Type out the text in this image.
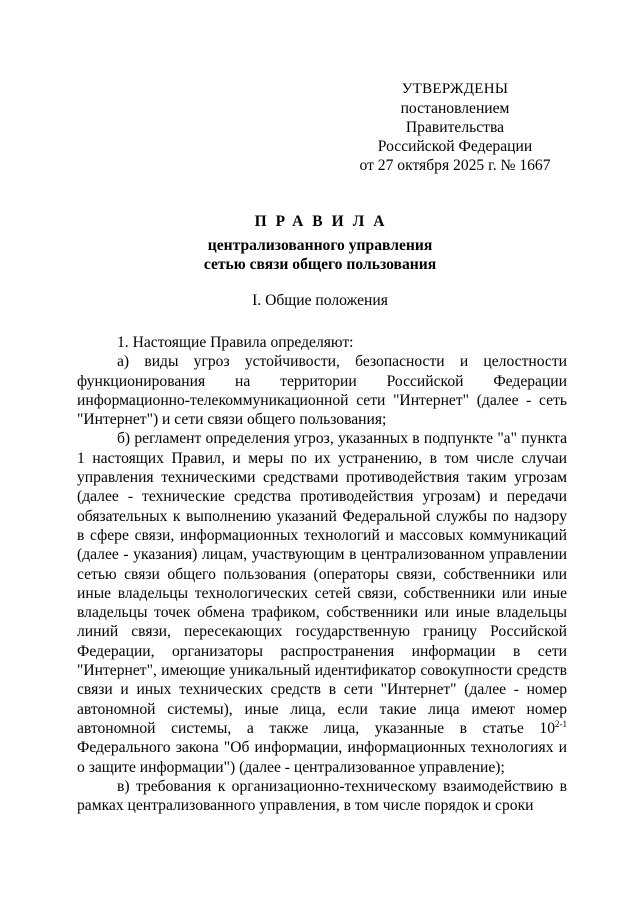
УТВЕРЖДЕНЫ
постановлением Правительства
Российской Федерации
от 27 октября 2025 г. № 1667
ПРАВИЛА
централизованного управления
сетью связи общего пользования
I. Общие положения

1. Настоящие Правила определяют:

а) виды угроз устойчивости, безопасности и целостности функционирования на территории Российской Федерации информационно-телекоммуникационной сети "Интернет" (далее - сеть "Интернет") и сети связи общего пользования;

б) регламент определения угроз, указанных в подпункте "а" пункта 1 настоящих Правил, и меры по их устранению, в том числе случаи управления техническими средствами противодействия таким угрозам (далее - технические средства противодействия угрозам) и передачи обязательных к выполнению указаний Федеральной службы по надзору в сфере связи, информационных технологий и массовых коммуникаций (далее - указания) лицам, участвующим в централизованном управлении сетью связи общего пользования (операторы связи, собственники или иные владельцы технологических сетей связи, собственники или иные владельцы точек обмена трафиком, собственники или иные владельцы линий связи, пересекающих государственную границу Российской Федерации, организаторы распространения информации в сети "Интернет", имеющие уникальный идентификатор совокупности средств связи и иных технических средств в сети "Интернет" (далее - номер автономной системы), иные лица, если такие лица имеют номер автономной системы, а также лица, указанные в статье 10$^{2-1}$ Федерального закона "Об информации, информационных технологиях и о защите информации") (далее - централизованное управление);

в) требования к организационно-техническому взаимодействию в рамках централизованного управления, в том числе порядок и сроки
